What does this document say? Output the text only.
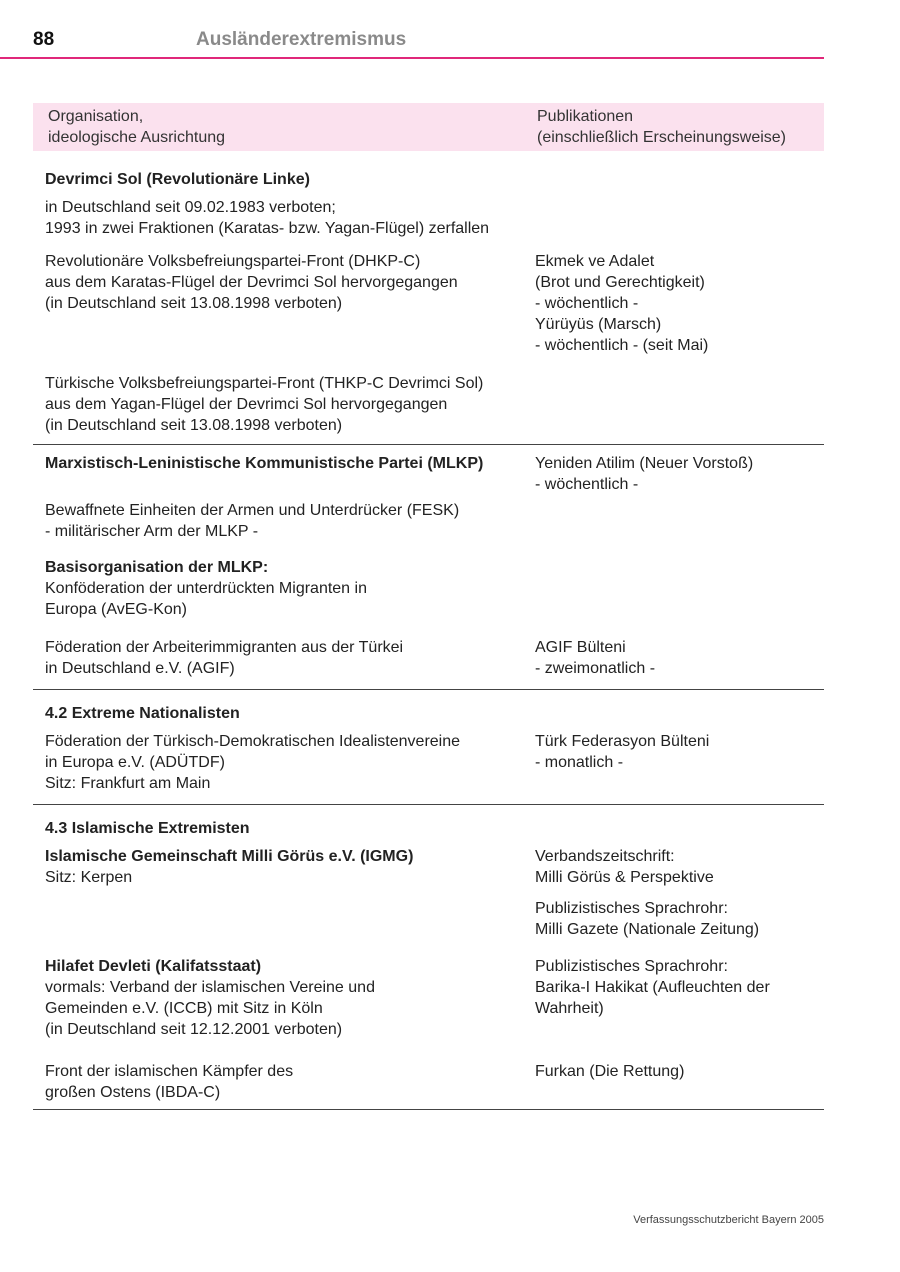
88	Ausländerextremismus
Organisation,
ideologische Ausrichtung
Publikationen
(einschließlich Erscheinungsweise)
Devrimci Sol (Revolutionäre Linke)
in Deutschland seit 09.02.1983 verboten;
1993 in zwei Fraktionen (Karatas- bzw. Yagan-Flügel) zerfallen
Revolutionäre Volksbefreiungspartei-Front (DHKP-C)
aus dem Karatas-Flügel der Devrimci Sol hervorgegangen
(in Deutschland seit 13.08.1998 verboten)
Ekmek ve Adalet
(Brot und Gerechtigkeit)
- wöchentlich -
Yürüyüs (Marsch)
- wöchentlich - (seit Mai)
Türkische Volksbefreiungspartei-Front (THKP-C Devrimci Sol)
aus dem Yagan-Flügel der Devrimci Sol hervorgegangen
(in Deutschland seit 13.08.1998 verboten)
Marxistisch-Leninistische Kommunistische Partei (MLKP)	Yeniden Atilim (Neuer Vorstoß)
- wöchentlich -
Bewaffnete Einheiten der Armen und Unterdrücker (FESK)
- militärischer Arm der MLKP -
Basisorganisation der MLKP:
Konföderation der unterdrückten Migranten in
Europa (AvEG-Kon)
Föderation der Arbeiterimmigranten aus der Türkei
in Deutschland e.V. (AGIF)
AGIF Bülteni
- zweimonatlich -
4.2 Extreme Nationalisten
Föderation der Türkisch-Demokratischen Idealistenvereine
in Europa e.V. (ADÜTDF)
Sitz: Frankfurt am Main
Türk Federasyon Bülteni
- monatlich -
4.3 Islamische Extremisten
Islamische Gemeinschaft Milli Görüs e.V. (IGMG)
Sitz: Kerpen
Verbandszeitschrift:
Milli Görüs & Perspektive
Publizistisches Sprachrohr:
Milli Gazete (Nationale Zeitung)
Hilafet Devleti (Kalifatsstaat)
vormals: Verband der islamischen Vereine und
Gemeinden e.V. (ICCB) mit Sitz in Köln
(in Deutschland seit 12.12.2001 verboten)
Publizistisches Sprachrohr:
Barika-I Hakikat (Aufleuchten der
Wahrheit)
Front der islamischen Kämpfer des
großen Ostens (IBDA-C)
Furkan (Die Rettung)
Verfassungsschutzbericht Bayern 2005
